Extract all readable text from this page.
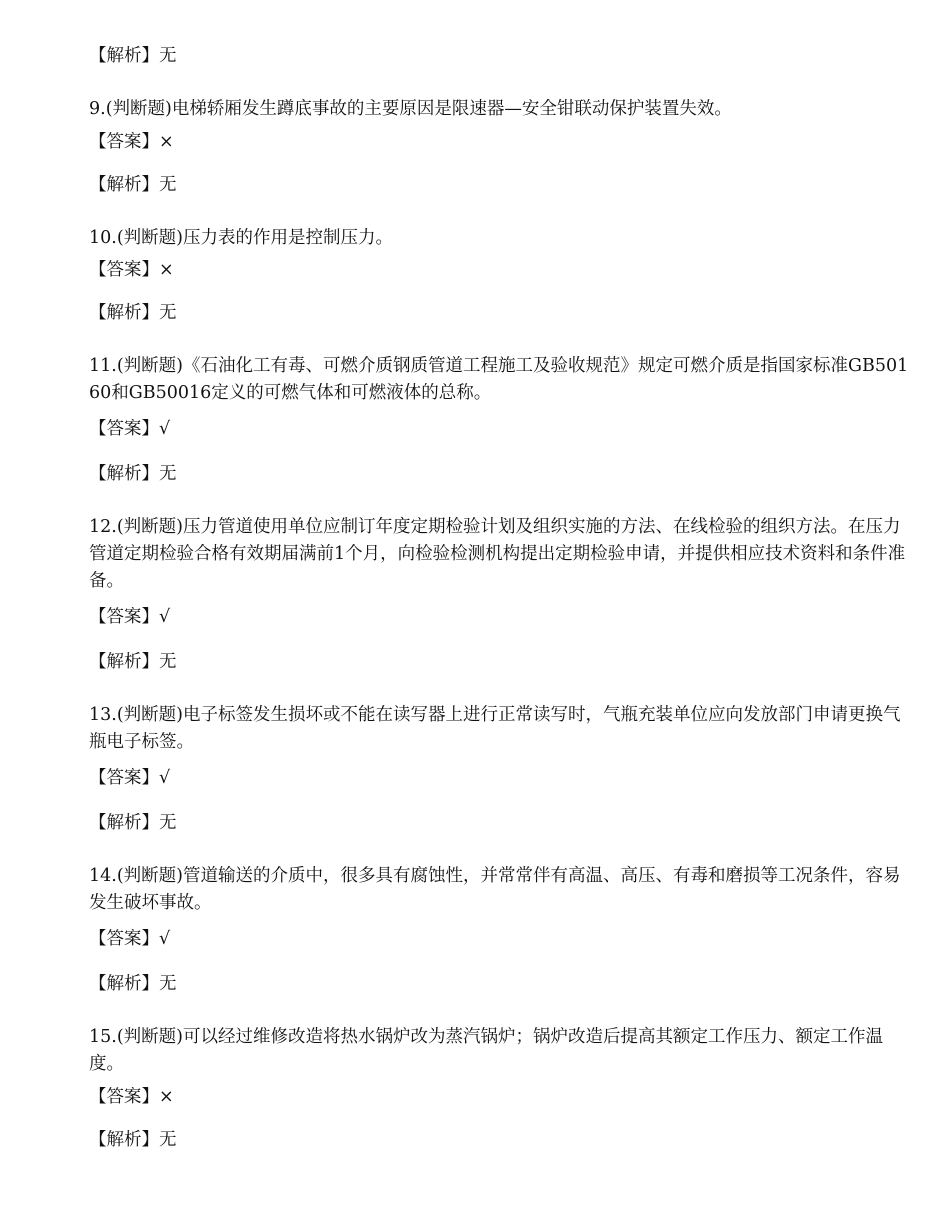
【解析】无
9.(判断题)电梯轿厢发生蹲底事故的主要原因是限速器—安全钳联动保护装置失效。
【答案】×
【解析】无
10.(判断题)压力表的作用是控制压力。
【答案】×
【解析】无
11.(判断题)《石油化工有毒、可燃介质钢质管道工程施工及验收规范》规定可燃介质是指国家标准GB50160和GB50016定义的可燃气体和可燃液体的总称。
【答案】√
【解析】无
12.(判断题)压力管道使用单位应制订年度定期检验计划及组织实施的方法、在线检验的组织方法。在压力管道定期检验合格有效期届满前1个月，向检验检测机构提出定期检验申请，并提供相应技术资料和条件准备。
【答案】√
【解析】无
13.(判断题)电子标签发生损坏或不能在读写器上进行正常读写时，气瓶充装单位应向发放部门申请更换气瓶电子标签。
【答案】√
【解析】无
14.(判断题)管道输送的介质中，很多具有腐蚀性，并常常伴有高温、高压、有毒和磨损等工况条件，容易发生破坏事故。
【答案】√
【解析】无
15.(判断题)可以经过维修改造将热水锅炉改为蒸汽锅炉；锅炉改造后提高其额定工作压力、额定工作温度。
【答案】×
【解析】无
